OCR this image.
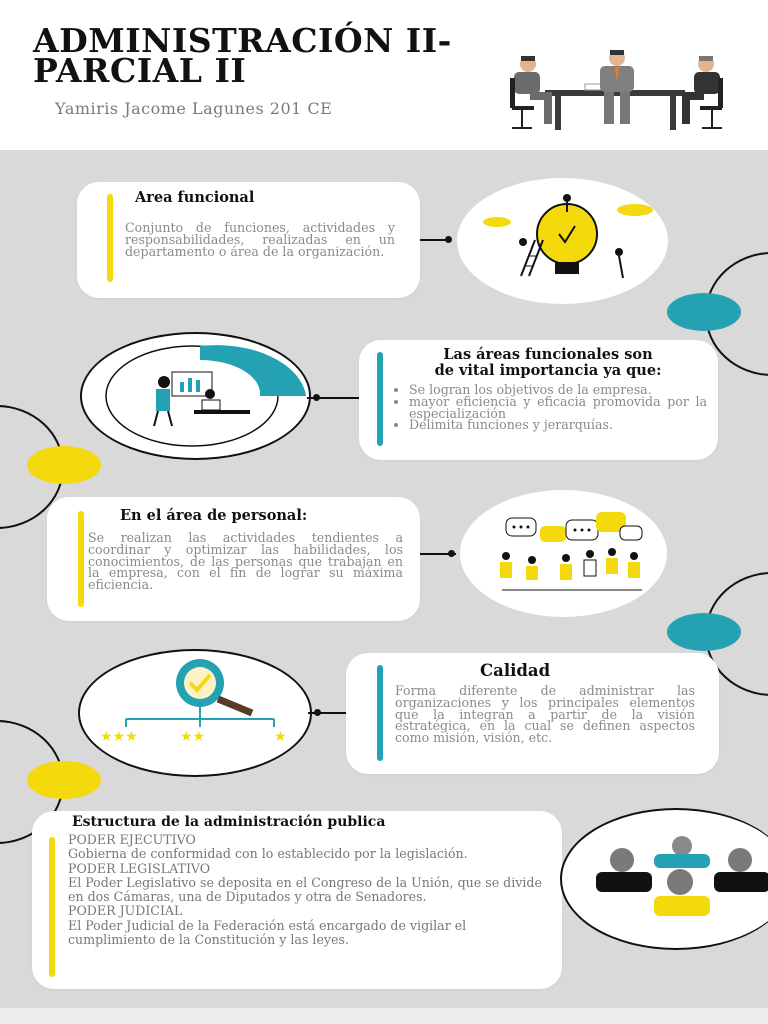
ADMINISTRACIÓN II-
PARCIAL II
Yamiris Jacome Lagunes 201 CE
Area funcional
Conjunto de funciones, actividades y responsabilidades, realizadas en un departamento o área de la organización.
Las áreas funcionales son
de vital importancia ya que:
• Se logran los objetivos de la empresa.
• mayor eficiencia y eficacia promovida por la especialización
• Delimita funciones y jerarquías.
En el área de personal:
Se realizan las actividades tendientes a coordinar y optimizar las habilidades, los conocimientos, de las personas que trabajan en la empresa, con el fin de lograr su máxima eficiencia.
★★★	★★	★
Calidad
Forma diferente de administrar las organizaciones y los principales elementos que la integran a partir de la visión estratégica, en la cual se definen aspectos como misión, visión, etc.
Estructura de la administración publica

PODER EJECUTIVO

Gobierna de conformidad con lo establecido por la legislación.

PODER LEGISLATIVO

El Poder Legislativo se deposita en el Congreso de la Unión, que se divide en dos Cámaras, una de Diputados y otra de Senadores.

PODER JUDICIAL

El Poder Judicial de la Federación está encargado de vigilar el cumplimiento de la Constitución y las leyes.
